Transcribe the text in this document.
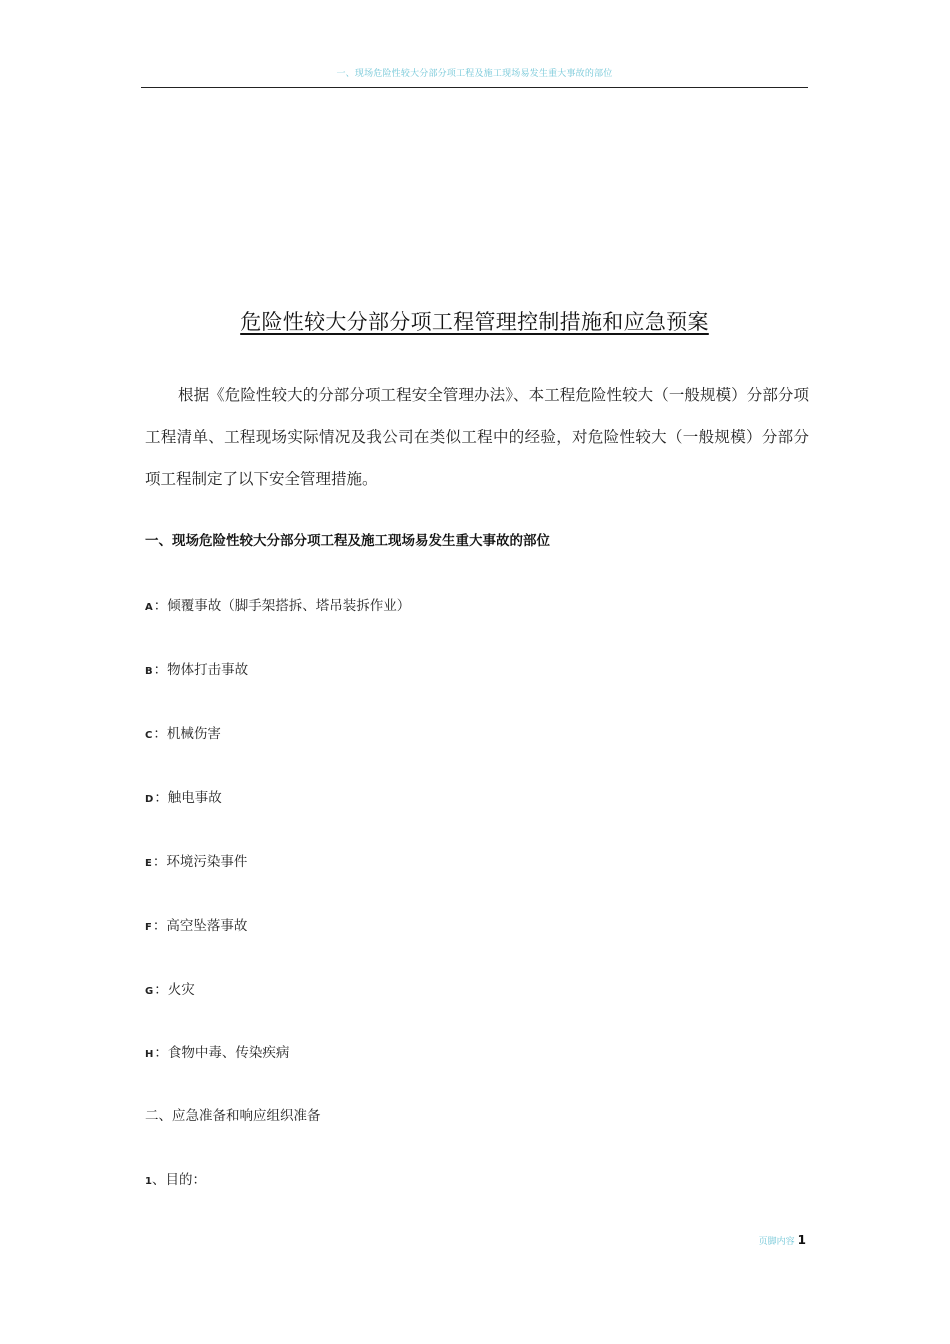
一、现场危险性较大分部分项工程及施工现场易发生重大事故的部位
危险性较大分部分项工程管理控制措施和应急预案

根据《危险性较大的分部分项工程安全管理办法》、本工程危险性较大（一般规模）分部分项工程清单、工程现场实际情况及我公司在类似工程中的经验，对危险性较大（一般规模）分部分项工程制定了以下安全管理措施。

一、现场危险性较大分部分项工程及施工现场易发生重大事故的部位
A：倾覆事故（脚手架搭拆、塔吊装拆作业）
B：物体打击事故
C：机械伤害
D：触电事故
E：环境污染事件
F：高空坠落事故
G：火灾
H：食物中毒、传染疾病
二、应急准备和响应组织准备
1、目的：
页脚内容 1
